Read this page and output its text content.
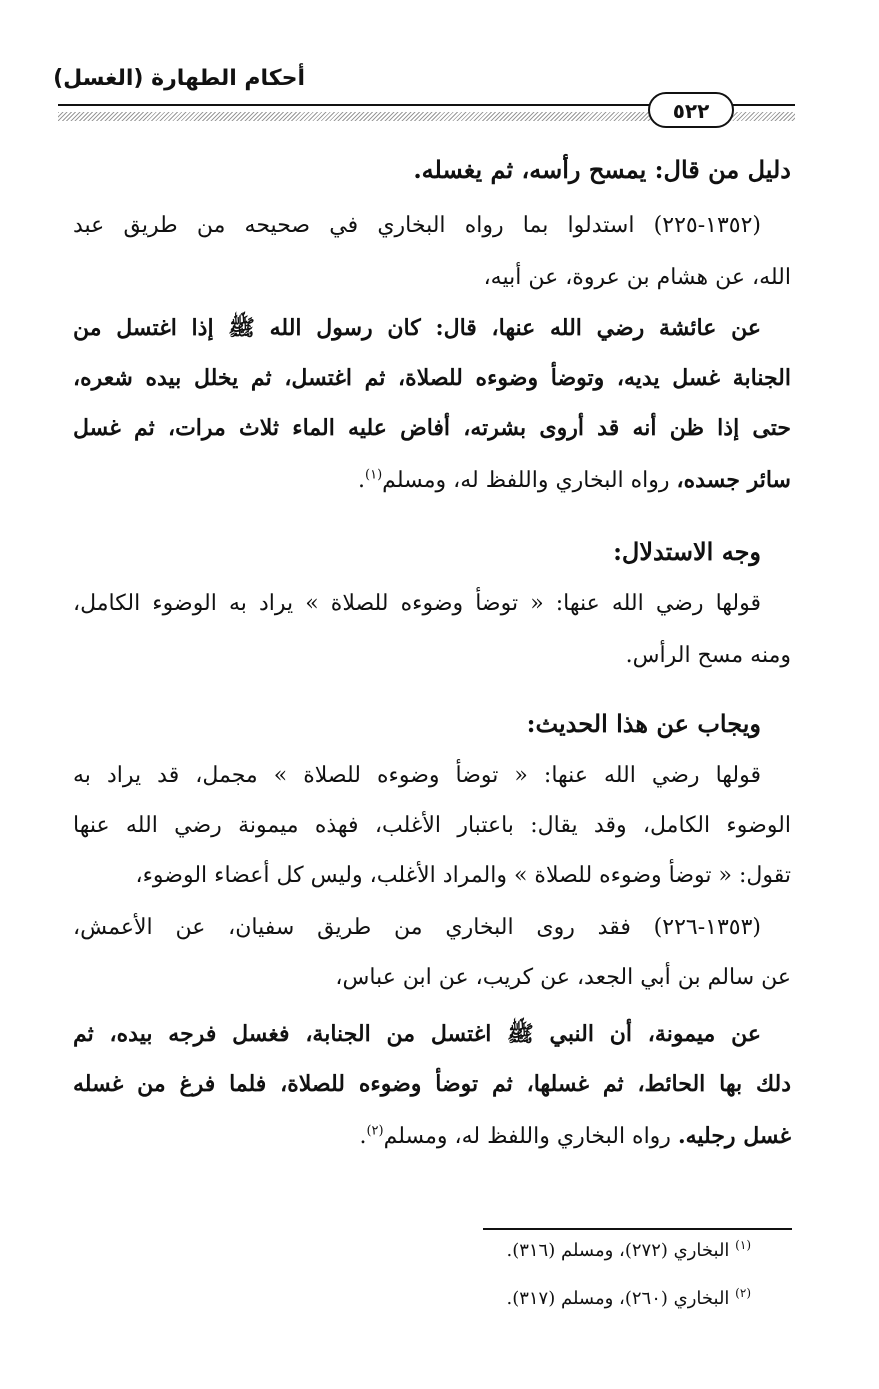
أحكام الطهارة (الغسل)
٥٢٢
دليل من قال: يمسح رأسه، ثم يغسله.
(١٣٥٢-٢٢٥) استدلوا بما رواه البخاري في صحيحه من طريق عبد
الله، عن هشام بن عروة، عن أبيه،
عن عائشة رضي الله عنها، قال: كان رسول الله ﷺ إذا اغتسل من
الجنابة غسل يديه، وتوضأ وضوءه للصلاة، ثم اغتسل، ثم يخلل بيده شعره،
حتى إذا ظن أنه قد أروى بشرته، أفاض عليه الماء ثلاث مرات، ثم غسل
سائر جسده، رواه البخاري واللفظ له، ومسلم$^{(١)}$.
وجه الاستدلال:
قولها رضي الله عنها: « توضأ وضوءه للصلاة » يراد به الوضوء الكامل،
ومنه مسح الرأس.
ويجاب عن هذا الحديث:
قولها رضي الله عنها: « توضأ وضوءه للصلاة » مجمل، قد يراد به
الوضوء الكامل، وقد يقال: باعتبار الأغلب، فهذه ميمونة رضي الله عنها
تقول: « توضأ وضوءه للصلاة » والمراد الأغلب، وليس كل أعضاء الوضوء،
(١٣٥٣-٢٢٦) فقد روى البخاري من طريق سفيان، عن الأعمش،
عن سالم بن أبي الجعد، عن كريب، عن ابن عباس،
عن ميمونة، أن النبي ﷺ اغتسل من الجنابة، فغسل فرجه بيده، ثم
دلك بها الحائط، ثم غسلها، ثم توضأ وضوءه للصلاة، فلما فرغ من غسله
غسل رجليه. رواه البخاري واللفظ له، ومسلم$^{(٢)}$.
$^{(١)}$ البخاري (٢٧٢)، ومسلم (٣١٦).
$^{(٢)}$ البخاري (٢٦٠)، ومسلم (٣١٧).
